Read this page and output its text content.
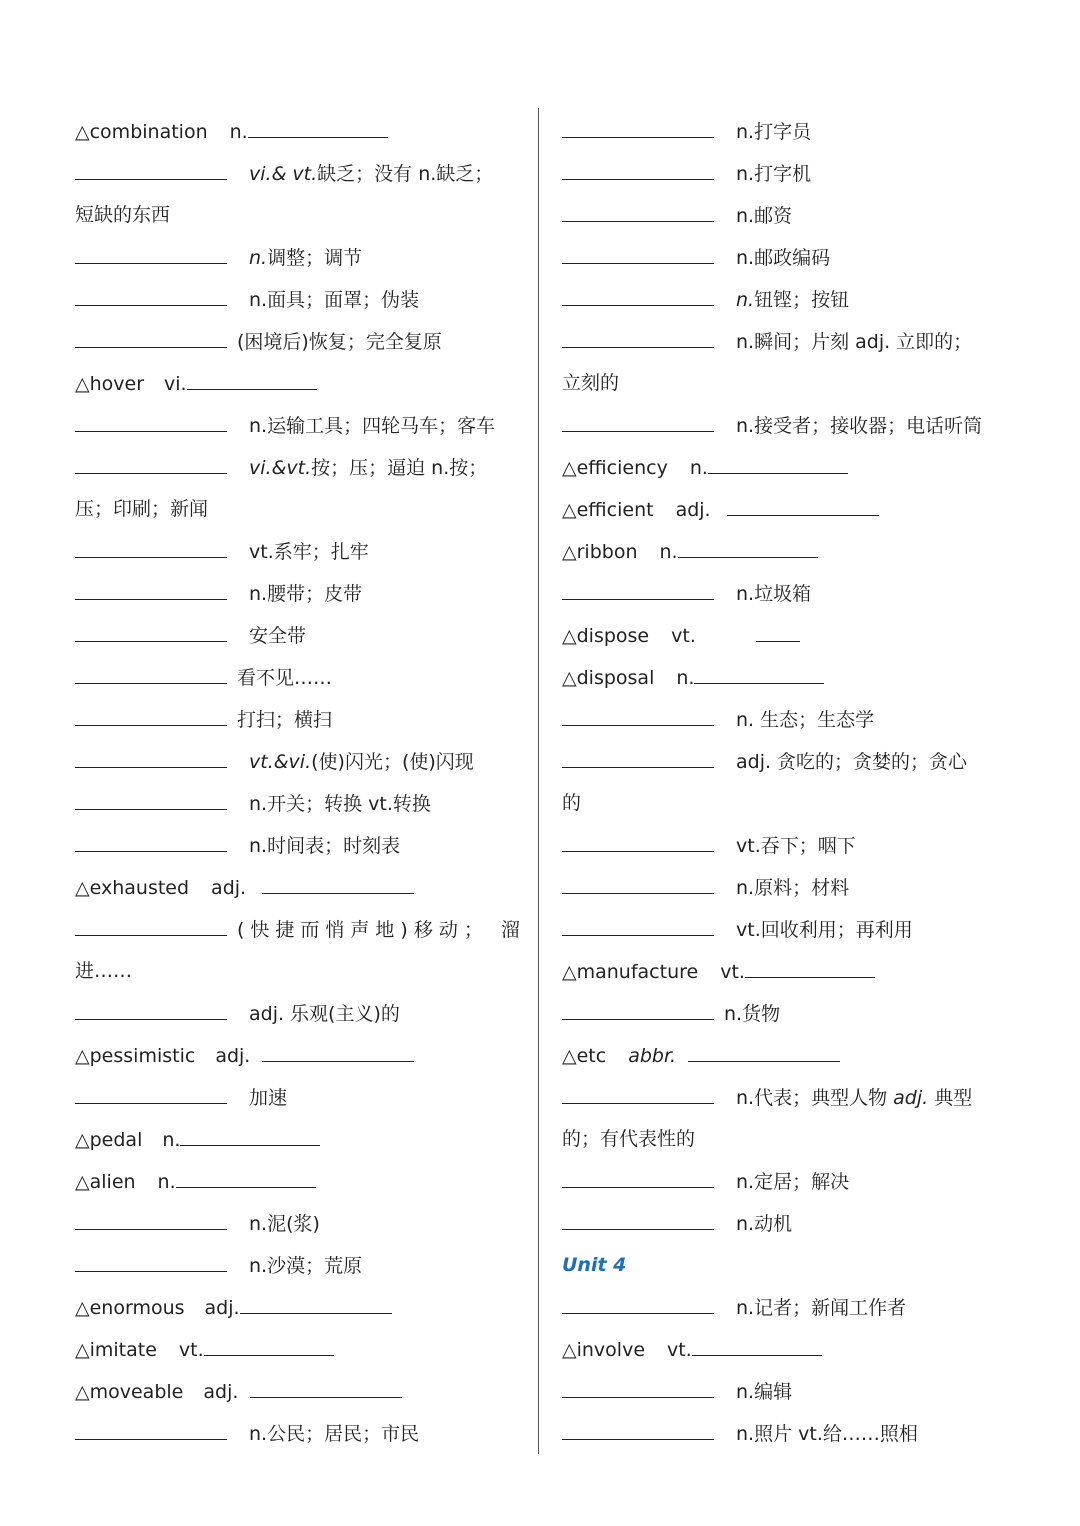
△combination n.
vi.& vt.缺乏；没有 n.缺乏；
短缺的东西
n.调整；调节
n.面具；面罩；伪装
(困境后)恢复；完全复原
△hover vi.
n.运输工具；四轮马车；客车
vi.&vt.按；压；逼迫 n.按；
压；印刷；新闻
vt.系牢；扎牢
n.腰带；皮带
安全带
看不见……
打扫；横扫
vt.&vi.(使)闪光；(使)闪现
n.开关；转换 vt.转换
n.时间表；时刻表
△exhausted adj.
(快捷而悄声地)移动； 溜
进……
adj. 乐观(主义)的
△pessimistic adj.
加速
△pedal n.
△alien n.
n.泥(浆)
n.沙漠；荒原
△enormous adj.
△imitate vt.
△moveable adj.
n.公民；居民；市民
n.打字员
n.打字机
n.邮资
n.邮政编码
n.钮铿；按钮
n.瞬间；片刻 adj. 立即的；
立刻的
n.接受者；接收器；电话听筒
△efficiency n.
△efficient adj.
△ribbon n.
n.垃圾箱
△dispose vt.
△disposal n.
n. 生态；生态学
adj. 贪吃的；贪婪的；贪心
的
vt.吞下；咽下
n.原料；材料
vt.回收利用；再利用
△manufacture vt.
n.货物
△etc abbr.
n.代表；典型人物 adj. 典型
的；有代表性的
n.定居；解决
n.动机
Unit 4
n.记者；新闻工作者
△involve vt.
n.编辑
n.照片 vt.给……照相
